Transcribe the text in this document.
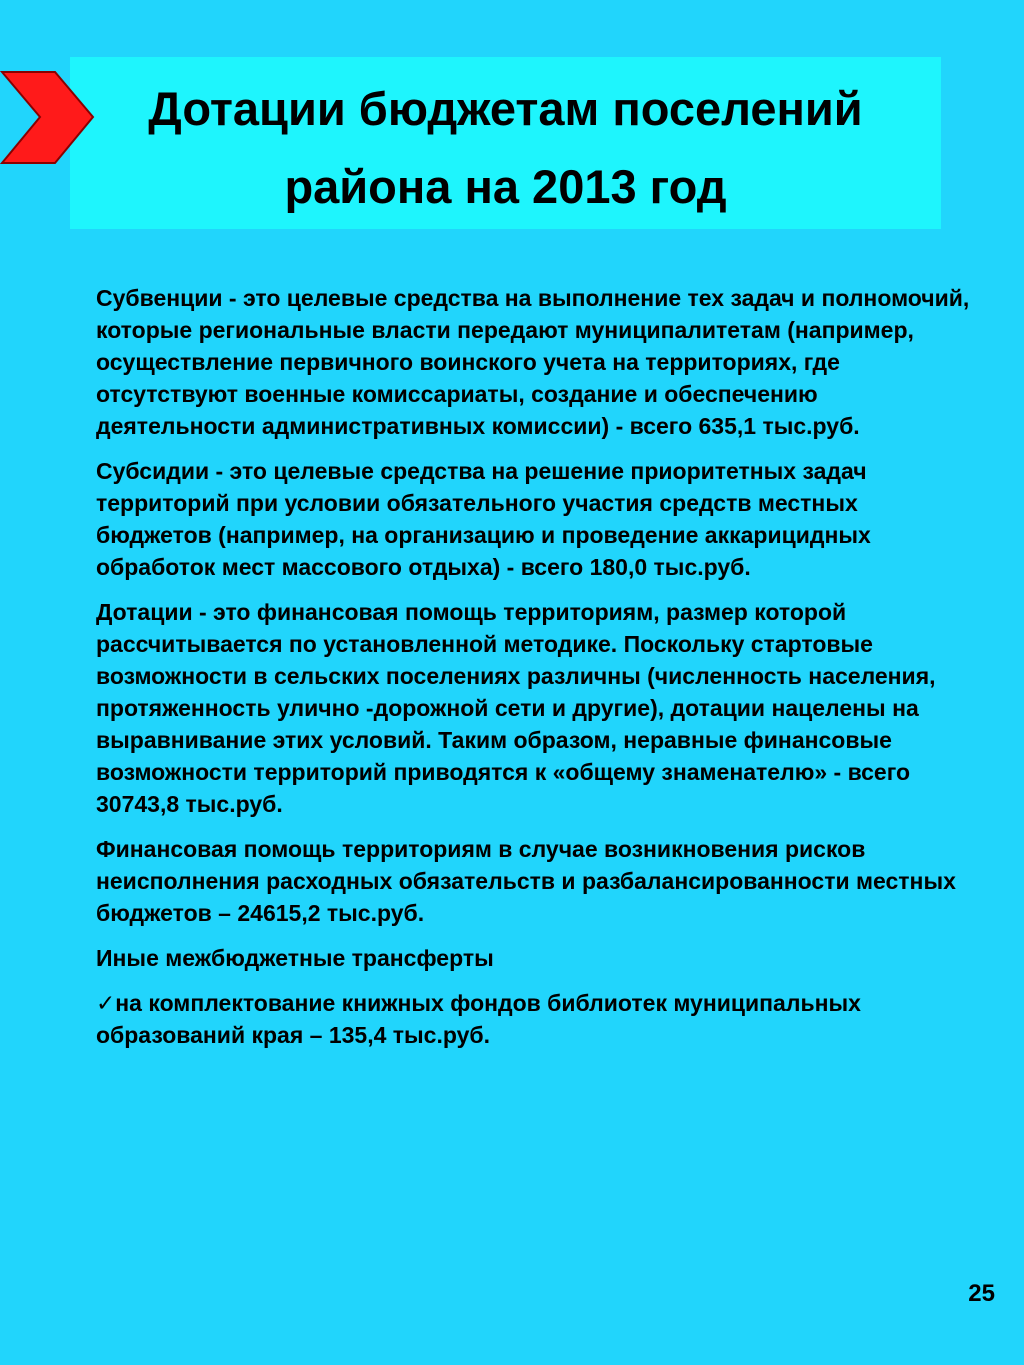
Дотации бюджетам поселений
района на 2013 год

Субвенции - это целевые средства на выполнение тех задач и полномочий, которые региональные власти передают муниципалитетам (например, осуществление первичного воинского учета на территориях, где отсутствуют военные комиссариаты, создание и обеспечению деятельности административных комиссии) - всего 635,1 тыс.руб.

Субсидии - это целевые средства на решение приоритетных задач территорий при условии обязательного участия средств местных бюджетов (например, на организацию и проведение аккарицидных обработок мест массового отдыха) - всего 180,0 тыс.руб.

Дотации - это финансовая помощь территориям, размер которой рассчитывается по установленной методике. Поскольку стартовые возможности в сельских поселениях различны (численность населения, протяженность улично -дорожной сети и другие), дотации нацелены на выравнивание этих условий. Таким образом, неравные финансовые возможности территорий приводятся к «общему знаменателю» - всего 30743,8 тыс.руб.

Финансовая помощь территориям в случае возникновения рисков неисполнения расходных обязательств и разбалансированности местных бюджетов – 24615,2 тыс.руб.

Иные межбюджетные трансферты

✓на комплектование книжных фондов библиотек муниципальных образований края – 135,4 тыс.руб.

25
